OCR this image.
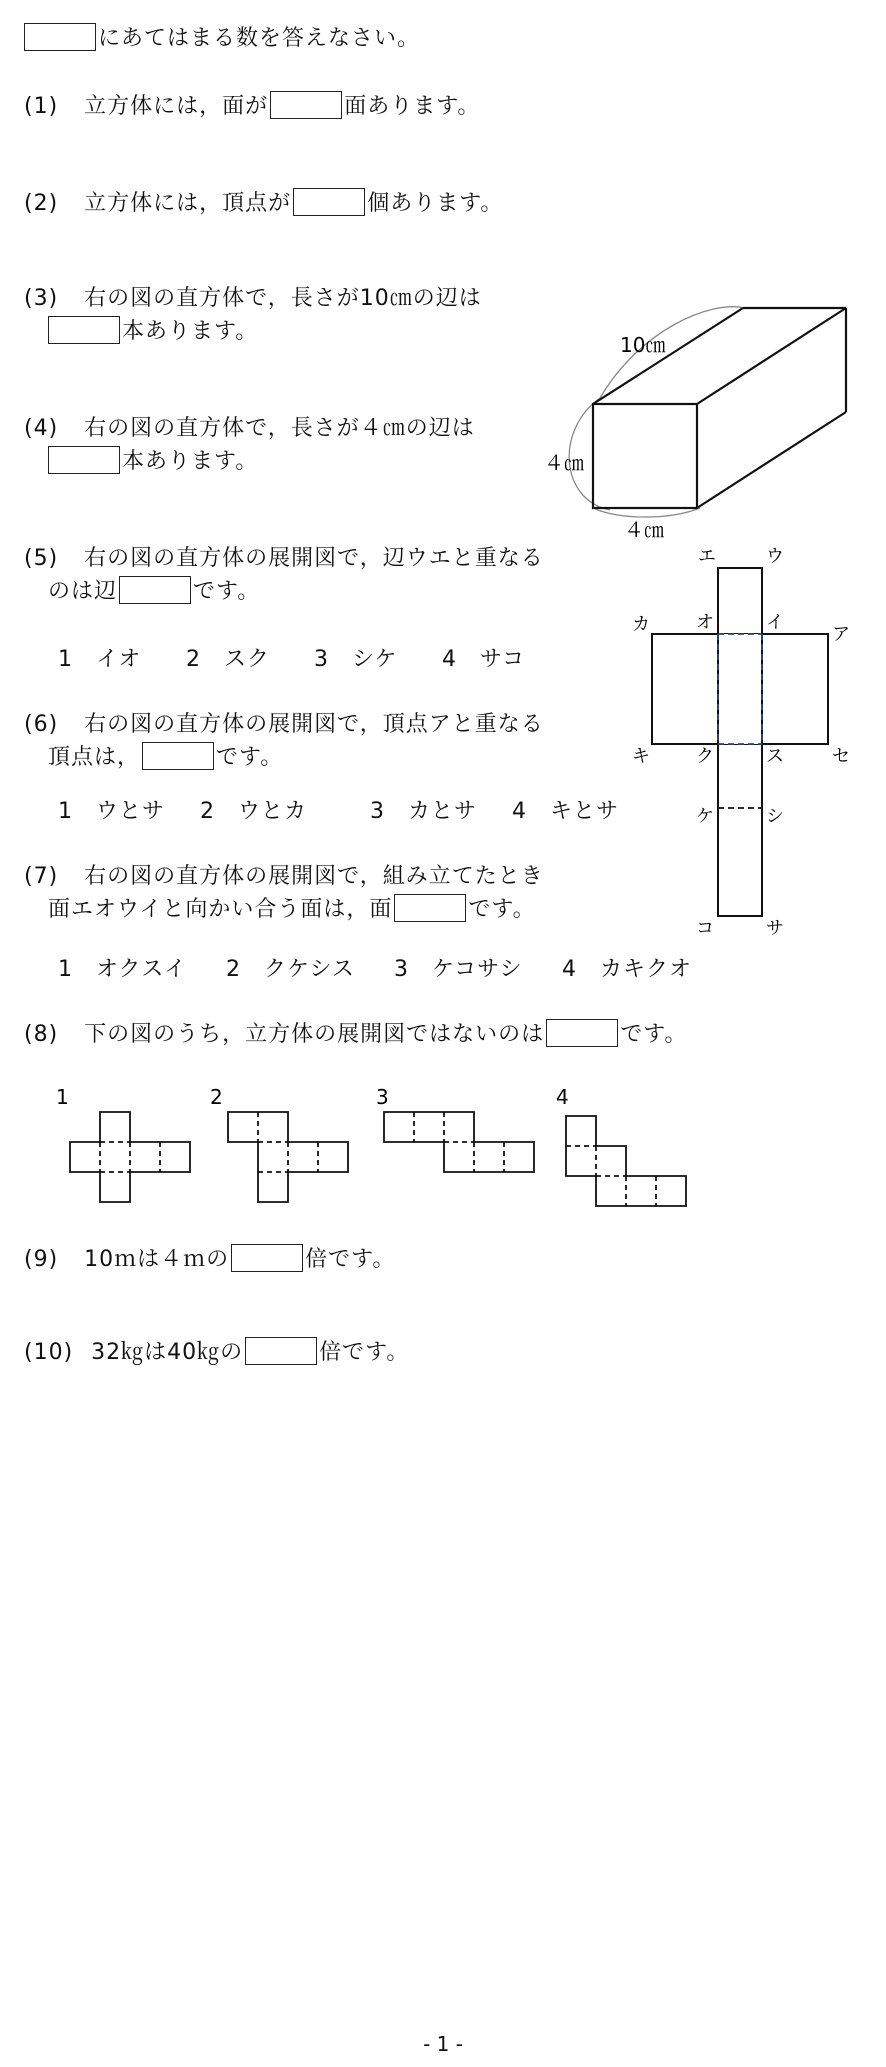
にあてはまる数を答えなさい。
(1) 立方体には，面が	面あります。
(2) 立方体には，頂点が	個あります。
(3) 右の図の直方体で，長さが10㎝の辺は
本あります。
(4) 右の図の直方体で，長さが４㎝の辺は
本あります。
10㎝
４㎝
４㎝
(5) 右の図の直方体の展開図で，辺ウエと重なる
のは辺	です。
1　イオ 2　スク 3　シケ 4　サコ
(6) 右の図の直方体の展開図で，頂点アと重なる
頂点は，	です。
1　ウとサ 2　ウとカ	3　カとサ 4　キとサ
(7) 右の図の直方体の展開図で，組み立てたとき
面エオウイと向かい合う面は，面	です。
1　オクスイ 2　クケシス 3　ケコサシ 4　カキクオ
エ	ウ
カ	オ	イ
ア
キ	ク	ス	セ
ケ	シ
コ	サ
(8) 下の図のうち，立方体の展開図ではないのは	です。
1	2	3	4
(9) 10ｍは４ｍの	倍です。
(10) 32㎏は40㎏の	倍です。
- 1 -
